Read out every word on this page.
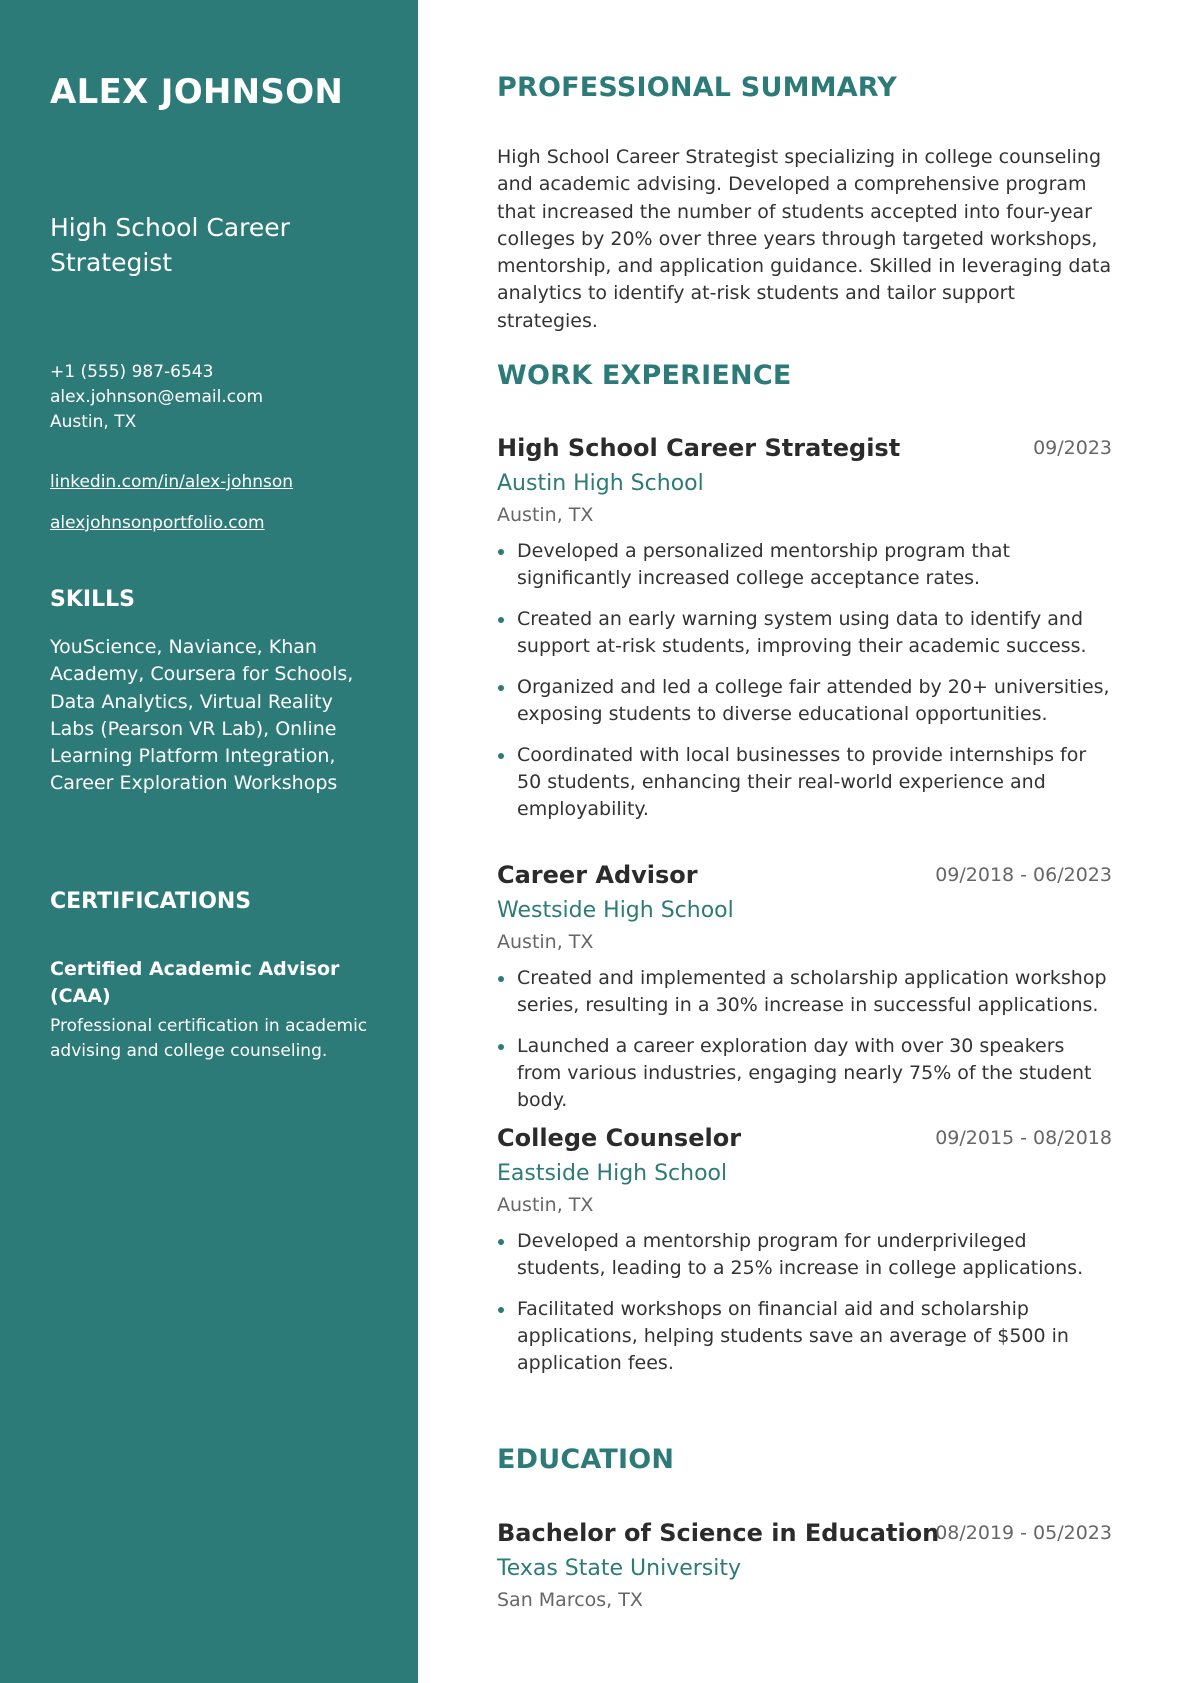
ALEX JOHNSON

High School Career Strategist

+1 (555) 987-6543
alex.johnson@email.com
Austin, TX
linkedin.com/in/alex-johnson
alexjohnsonportfolio.com
SKILLS
YouScience, Naviance, Khan Academy, Coursera for Schools, Data Analytics, Virtual Reality Labs (Pearson VR Lab), Online Learning Platform Integration, Career Exploration Workshops
CERTIFICATIONS
Certified Academic Advisor (CAA)
Professional certification in academic advising and college counseling.
PROFESSIONAL SUMMARY

High School Career Strategist specializing in college counseling and academic advising. Developed a comprehensive program that increased the number of students accepted into four-year colleges by 20% over three years through targeted workshops, mentorship, and application guidance. Skilled in leveraging data analytics to identify at-risk students and tailor support strategies.

WORK EXPERIENCE
High School Career Strategist	09/2023
Austin High School
Austin, TX
Developed a personalized mentorship program that significantly increased college acceptance rates.
Created an early warning system using data to identify and support at-risk students, improving their academic success.
Organized and led a college fair attended by 20+ universities, exposing students to diverse educational opportunities.
Coordinated with local businesses to provide internships for 50 students, enhancing their real-world experience and employability.
Career Advisor	09/2018 - 06/2023
Westside High School
Austin, TX
Created and implemented a scholarship application workshop series, resulting in a 30% increase in successful applications.
Launched a career exploration day with over 30 speakers from various industries, engaging nearly 75% of the student body.
College Counselor	09/2015 - 08/2018
Eastside High School
Austin, TX
Developed a mentorship program for underprivileged students, leading to a 25% increase in college applications.
Facilitated workshops on financial aid and scholarship applications, helping students save an average of $500 in application fees.
EDUCATION
Bachelor of Science in Education
08/2019 - 05/2023
Texas State University
San Marcos, TX
